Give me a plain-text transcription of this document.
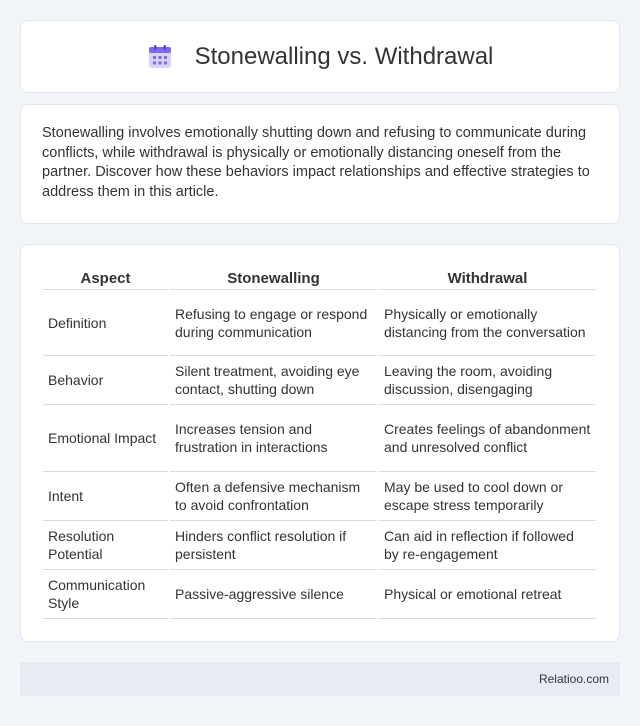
Stonewalling vs. Withdrawal

Stonewalling involves emotionally shutting down and refusing to communicate during conflicts, while withdrawal is physically or emotionally distancing oneself from the partner. Discover how these behaviors impact relationships and effective strategies to address them in this article.

Aspect	Stonewalling	Withdrawal
Definition	Refusing to engage or respond during communication	Physically or emotionally distancing from the conversation
Behavior	Silent treatment, avoiding eye contact, shutting down	Leaving the room, avoiding discussion, disengaging
Emotional Impact	Increases tension and frustration in interactions	Creates feelings of abandonment and unresolved conflict
Intent	Often a defensive mechanism to avoid confrontation	May be used to cool down or escape stress temporarily
Resolution Potential	Hinders conflict resolution if persistent	Can aid in reflection if followed by re-engagement
Communication Style	Passive-aggressive silence	Physical or emotional retreat
Relatioo.com
